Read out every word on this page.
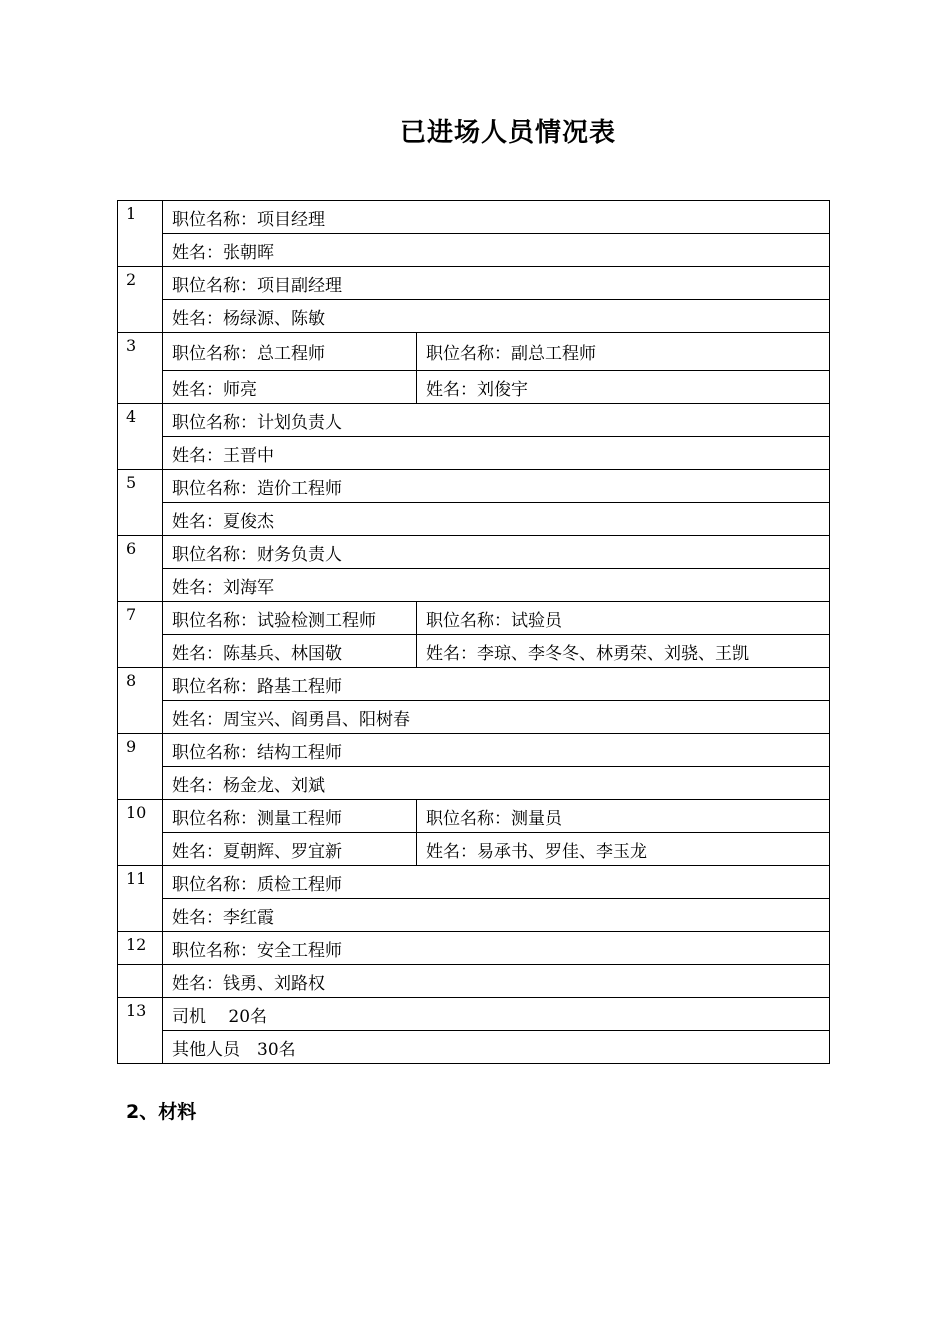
已进场人员情况表
1	职位名称：项目经理	
	姓名：张朝晖	
2	职位名称：项目副经理	
	姓名：杨绿源、陈敏	
3	职位名称：总工程师	职位名称：副总工程师
	姓名：师亮	姓名：刘俊宇
4	职位名称：计划负责人	
	姓名：王晋中	
5	职位名称：造价工程师	
	姓名：夏俊杰	
6	职位名称：财务负责人	
	姓名：刘海军	
7	职位名称：试验检测工程师	职位名称：试验员
	姓名：陈基兵、林国敬	姓名：李琼、李冬冬、林勇荣、刘骁、王凯
8	职位名称：路基工程师	
	姓名：周宝兴、阎勇昌、阳树春	
9	职位名称：结构工程师	
	姓名：杨金龙、刘斌	
10	职位名称：测量工程师	职位名称：测量员
	姓名：夏朝辉、罗宜新	姓名：易承书、罗佳、李玉龙
11	职位名称：质检工程师	
	姓名：李红霞	
12	职位名称：安全工程师	
	姓名：钱勇、刘路权	
13	司机　 20名	
	其他人员　30名	
2、材料
